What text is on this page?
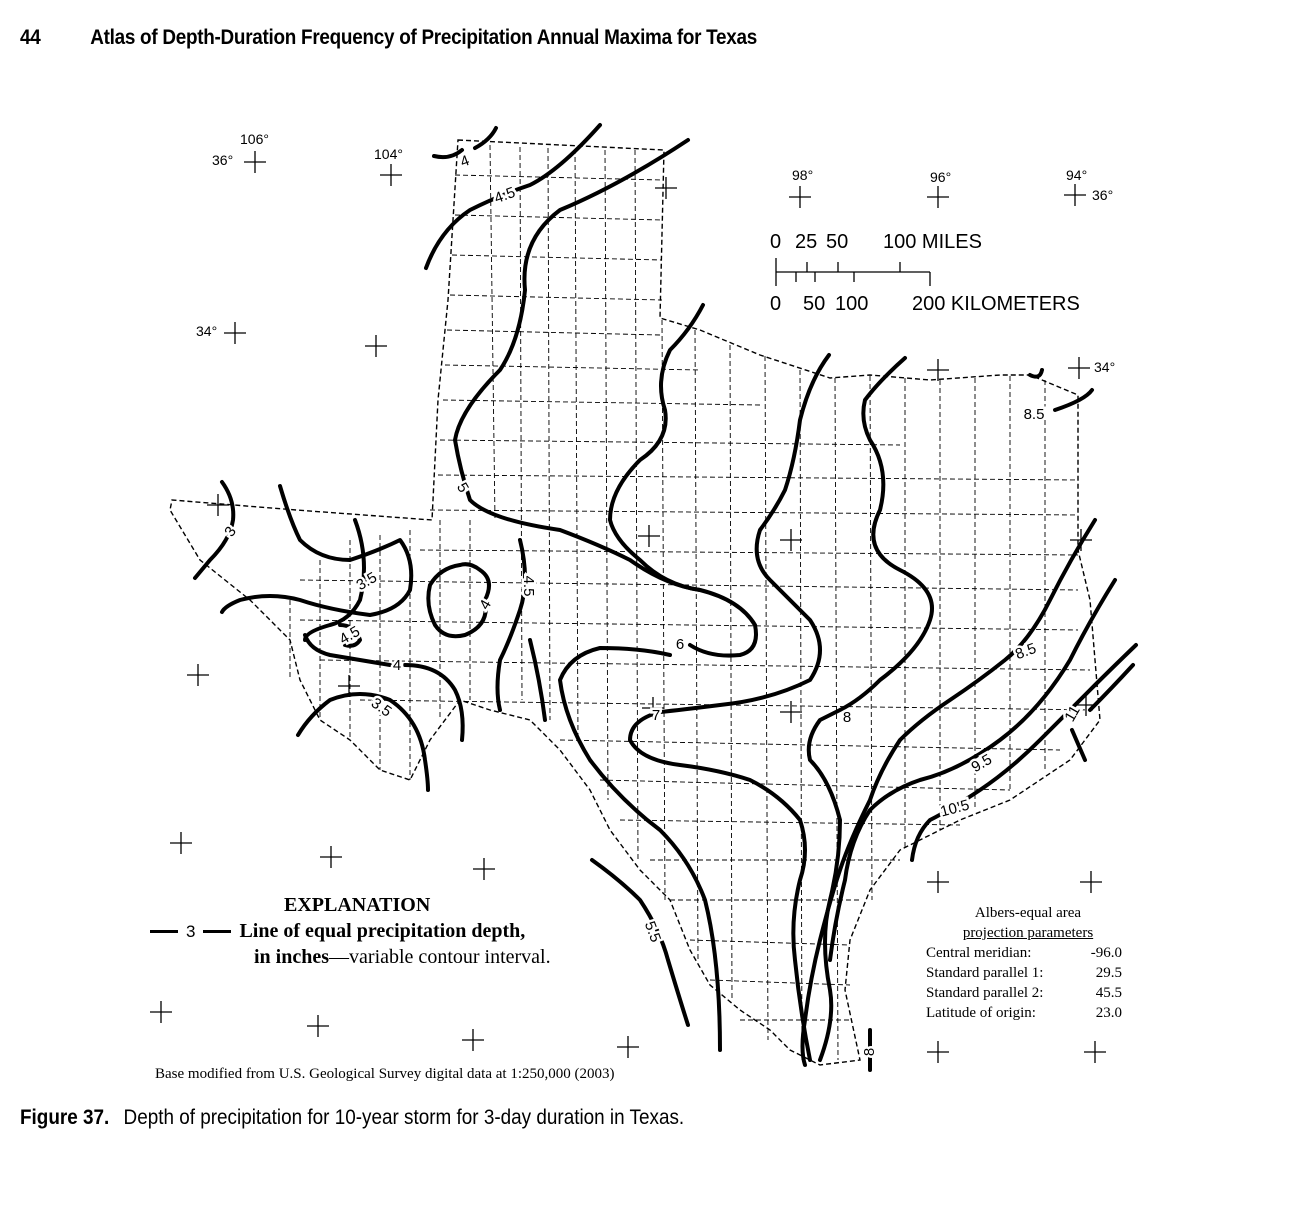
44	Atlas of Depth-Duration Frequency of Precipitation Annual Maxima for Texas
4
4.5
5
3
3.5
4
4.5
4
3.5
4.5	6
7	8
8.5
8.5
9.5
10.5
11
5.5
8
106°
36°	104°
34°
98°	96°	94°
36°
34°
0 25 50 100 MILES
0 50 100 200 KILOMETERS
EXPLANATION
3 Line of equal precipitation depth,
in inches—variable contour interval.
Albers-equal area
projection parameters
Central meridian:	-96.0
Standard parallel 1:	29.5
Standard parallel 2:	45.5
Latitude of origin:	23.0
Base modified from U.S. Geological Survey digital data at 1:250,000 (2003)
Figure 37. Depth of precipitation for 10-year storm for 3-day duration in Texas.
